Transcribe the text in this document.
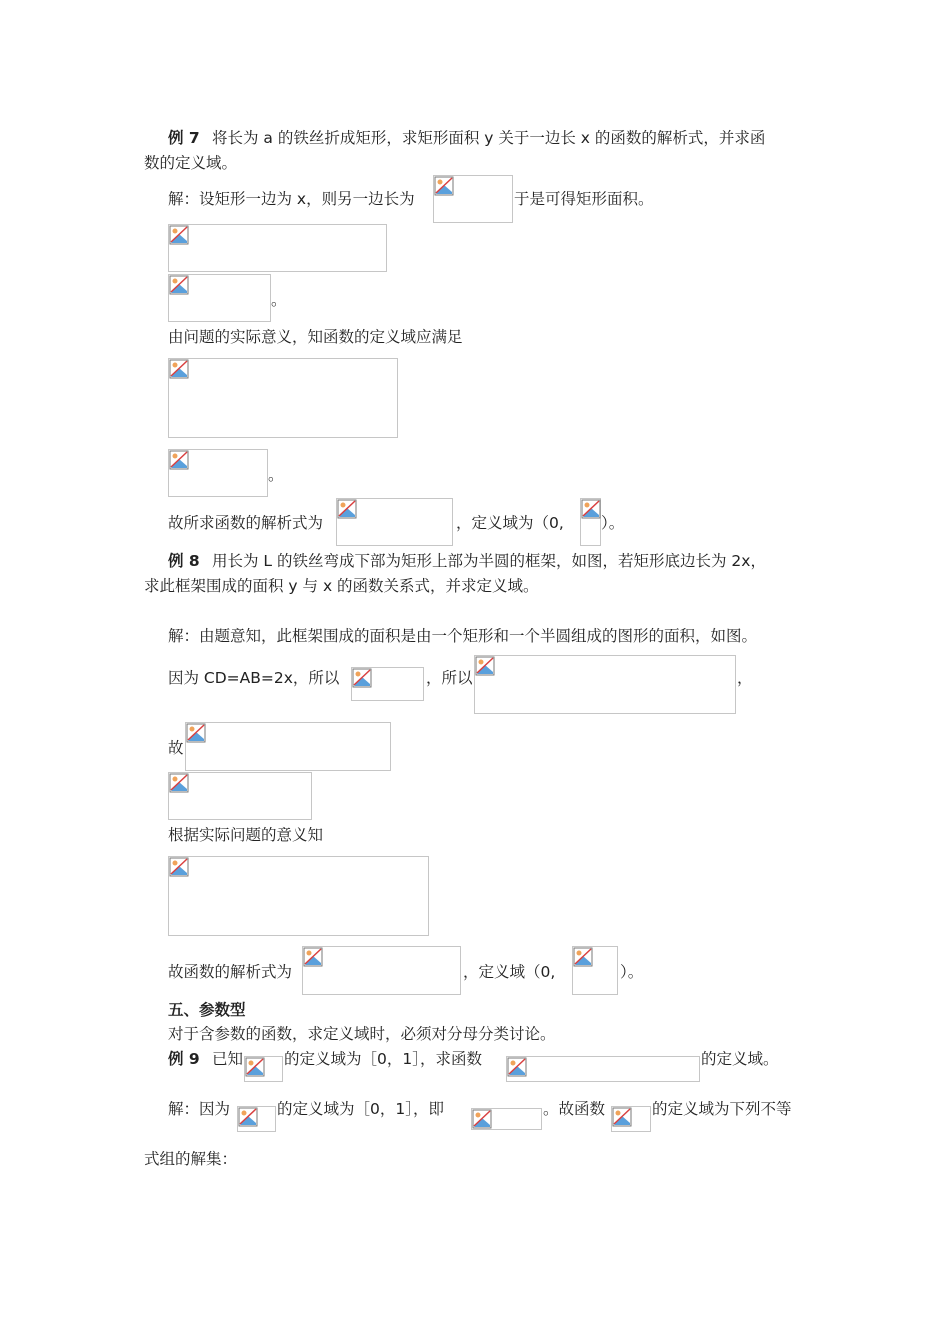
例 7 将长为 a 的铁丝折成矩形，求矩形面积 y 关于一边长 x 的函数的解析式，并求函
数的定义域。
解：设矩形一边为 x，则另一边长为	于是可得矩形面积。
。
由问题的实际意义，知函数的定义域应满足
。
故所求函数的解析式为	，定义域为（0, ）。
例 8 用长为 L 的铁丝弯成下部为矩形上部为半圆的框架，如图，若矩形底边长为 2x，
求此框架围成的面积 y 与 x 的函数关系式，并求定义域。
解：由题意知，此框架围成的面积是由一个矩形和一个半圆组成的图形的面积，如图。
因为 CD=AB=2x，所以	，所以	，
故
根据实际问题的意义知
故函数的解析式为	，定义域（0,	）。
五、参数型
对于含参数的函数，求定义域时，必须对分母分类讨论。
例 9 已知	的定义域为［0，1］，求函数	的定义域。
解：因为	的定义域为［0，1］，即	。故函数	的定义域为下列不等
式组的解集：
